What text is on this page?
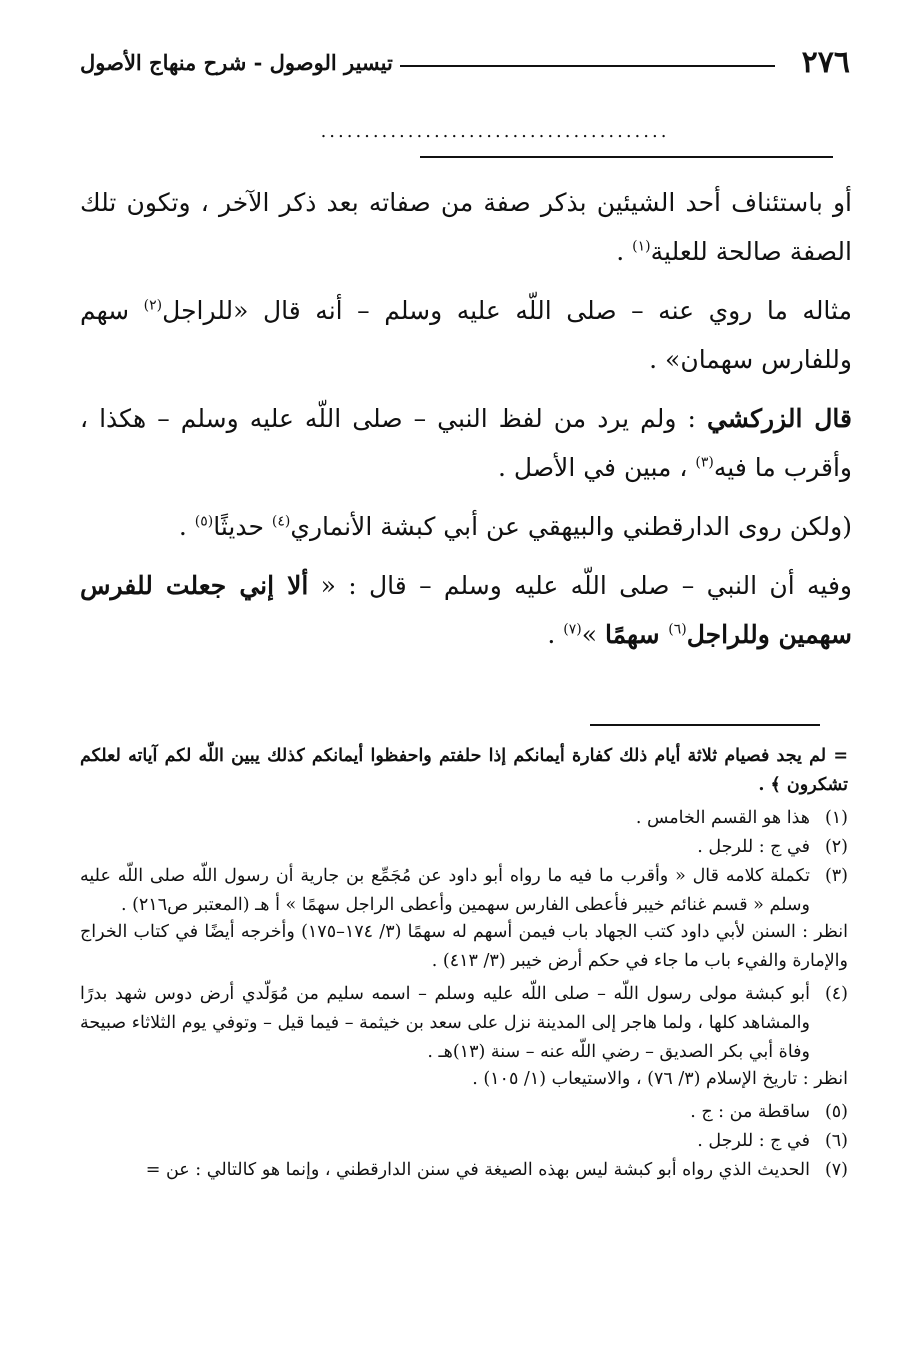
٢٧٦
تيسير الوصول - شرح منهاج الأصول
........................................

أو باستئناف أحد الشيئين بذكر صفة من صفاته بعد ذكر الآخر ، وتكون تلك الصفة صالحة للعلية$^{(١)}$ .

مثاله ما روي عنه – صلى اللّه عليه وسلم – أنه قال «للراجل$^{(٢)}$ سهم وللفارس سهمان» .

قال الزركشي : ولم يرد من لفظ النبي – صلى اللّه عليه وسلم – هكذا ، وأقرب ما فيه$^{(٣)}$ ، مبين في الأصل .

(ولكن روى الدارقطني والبيهقي عن أبي كبشة الأنماري$^{(٤)}$ حديثًا$^{(٥)}$ .

وفيه أن النبي – صلى اللّه عليه وسلم – قال : « ألا إني جعلت للفرس سهمين وللراجل$^{(٦)}$ سهمًا »$^{(٧)}$ .

= لم يجد فصيام ثلاثة أيام ذلك كفارة أيمانكم إذا حلفتم واحفظوا أيمانكم كذلك يبين اللّه لكم آياته لعلكم تشكرون ﴾ .

(١)
هذا هو القسم الخامس .
(٢)
في ج : للرجل .
(٣)
تكملة كلامه قال « وأقرب ما فيه ما رواه أبو داود عن مُجَمِّع بن جارية أن رسول اللّه صلى اللّه عليه وسلم « قسم غنائم خيبر فأعطى الفارس سهمين وأعطى الراجل سهمًا » أ هـ (المعتبر ص٢١٦) .

انظر : السنن لأبي داود كتب الجهاد باب فيمن أسهم له سهمًا (٣/ ١٧٤–١٧٥) وأخرجه أيضًا في كتاب الخراج والإمارة والفيء باب ما جاء في حكم أرض خيبر (٣/ ٤١٣) .

(٤)
أبو كبشة مولى رسول اللّه – صلى اللّه عليه وسلم – اسمه سليم من مُوَلّدي أرض دوس شهد بدرًا والمشاهد كلها ، ولما هاجر إلى المدينة نزل على سعد بن خيثمة – فيما قيل – وتوفي يوم الثلاثاء صبيحة وفاة أبي بكر الصديق – رضي اللّه عنه – سنة (١٣)هـ .

انظر : تاريخ الإسلام (٣/ ٧٦) ، والاستيعاب (١/ ١٠٥) .

(٥)
ساقطة من : ج .
(٦)
في ج : للرجل .
(٧)
الحديث الذي رواه أبو كبشة ليس بهذه الصيغة في سنن الدارقطني ، وإنما هو كالتالي : عن =
